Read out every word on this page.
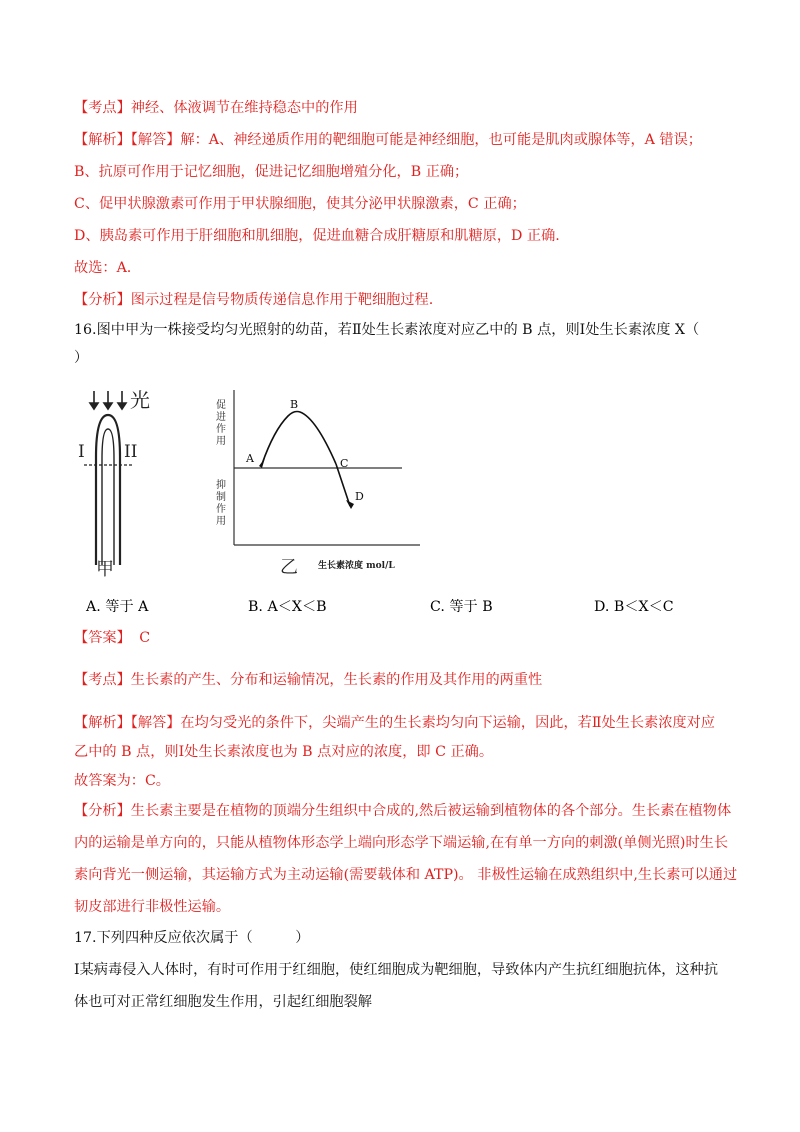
【考点】神经、体液调节在维持稳态中的作用
【解析】【解答】解：A、神经递质作用的靶细胞可能是神经细胞，也可能是肌肉或腺体等，A 错误；
B、抗原可作用于记忆细胞，促进记忆细胞增殖分化，B 正确；
C、促甲状腺激素可作用于甲状腺细胞，使其分泌甲状腺激素，C 正确；
D、胰岛素可作用于肝细胞和肌细胞，促进血糖合成肝糖原和肌糖原，D 正确.
故选：A.
【分析】图示过程是信号物质传递信息作用于靶细胞过程.
16.图中甲为一株接受均匀光照射的幼苗，若Ⅱ处生长素浓度对应乙中的 B 点，则Ⅰ处生长素浓度 X（
）
光
I II
甲
促
进
作
用
抑
制
作
用
A
B
C
D
乙 生长素浓度 mol/L
A. 等于 A	B. A＜X＜B	C. 等于 B	D. B＜X＜C
【答案】 C
【考点】生长素的产生、分布和运输情况，生长素的作用及其作用的两重性
【解析】【解答】在均匀受光的条件下，尖端产生的生长素均匀向下运输，因此，若Ⅱ处生长素浓度对应
乙中的 B 点，则Ⅰ处生长素浓度也为 B 点对应的浓度，即 C 正确。
故答案为：C。
【分析】生长素主要是在植物的顶端分生组织中合成的,然后被运输到植物体的各个部分。生长素在植物体
内的运输是单方向的，只能从植物体形态学上端向形态学下端运输,在有单一方向的刺激(单侧光照)时生长
素向背光一侧运输，其运输方式为主动运输(需要载体和 ATP)。 非极性运输在成熟组织中,生长素可以通过
韧皮部进行非极性运输。
17.下列四种反应依次属于（　　　）
Ⅰ某病毒侵入人体时，有时可作用于红细胞，使红细胞成为靶细胞，导致体内产生抗红细胞抗体，这种抗
体也可对正常红细胞发生作用，引起红细胞裂解
